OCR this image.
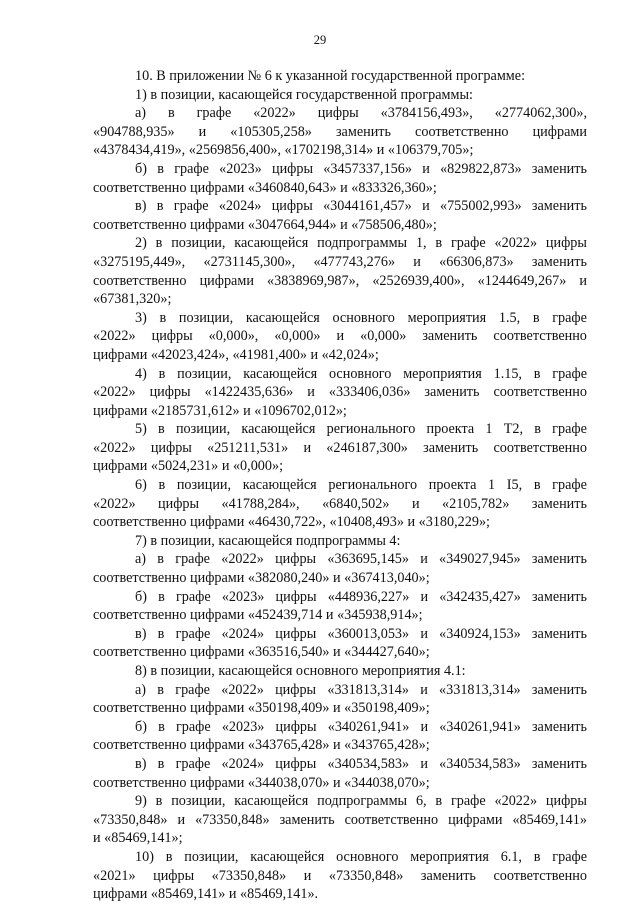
29
10. В приложении № 6 к указанной государственной программе:
1) в позиции, касающейся государственной программы:
а) в графе «2022» цифры «3784156,493», «2774062,300»,
«904788,935» и «105305,258» заменить соответственно цифрами
«4378434,419», «2569856,400», «1702198,314» и «106379,705»;
б) в графе «2023» цифры «3457337,156» и «829822,873» заменить
соответственно цифрами «3460840,643» и «833326,360»;
в) в графе «2024» цифры «3044161,457» и «755002,993» заменить
соответственно цифрами «3047664,944» и «758506,480»;
2) в позиции, касающейся подпрограммы 1, в графе «2022» цифры
«3275195,449», «2731145,300», «477743,276» и «66306,873» заменить
соответственно цифрами «3838969,987», «2526939,400», «1244649,267» и
«67381,320»;
3) в позиции, касающейся основного мероприятия 1.5, в графе
«2022» цифры «0,000», «0,000» и «0,000» заменить соответственно
цифрами «42023,424», «41981,400» и «42,024»;
4) в позиции, касающейся основного мероприятия 1.15, в графе
«2022» цифры «1422435,636» и «333406,036» заменить соответственно
цифрами «2185731,612» и «1096702,012»;
5) в позиции, касающейся регионального проекта 1 Т2, в графе
«2022» цифры «251211,531» и «246187,300» заменить соответственно
цифрами «5024,231» и «0,000»;
6) в позиции, касающейся регионального проекта 1 I5, в графе
«2022» цифры «41788,284», «6840,502» и «2105,782» заменить
соответственно цифрами «46430,722», «10408,493» и «3180,229»;
7) в позиции, касающейся подпрограммы 4:
а) в графе «2022» цифры «363695,145» и «349027,945» заменить
соответственно цифрами «382080,240» и «367413,040»;
б) в графе «2023» цифры «448936,227» и «342435,427» заменить
соответственно цифрами «452439,714 и «345938,914»;
в) в графе «2024» цифры «360013,053» и «340924,153» заменить
соответственно цифрами «363516,540» и «344427,640»;
8) в позиции, касающейся основного мероприятия 4.1:
а) в графе «2022» цифры «331813,314» и «331813,314» заменить
соответственно цифрами «350198,409» и «350198,409»;
б) в графе «2023» цифры «340261,941» и «340261,941» заменить
соответственно цифрами «343765,428» и «343765,428»;
в) в графе «2024» цифры «340534,583» и «340534,583» заменить
соответственно цифрами «344038,070» и «344038,070»;
9) в позиции, касающейся подпрограммы 6, в графе «2022» цифры
«73350,848» и «73350,848» заменить соответственно цифрами «85469,141»
и «85469,141»;
10) в позиции, касающейся основного мероприятия 6.1, в графе
«2021» цифры «73350,848» и «73350,848» заменить соответственно
цифрами «85469,141» и «85469,141».
